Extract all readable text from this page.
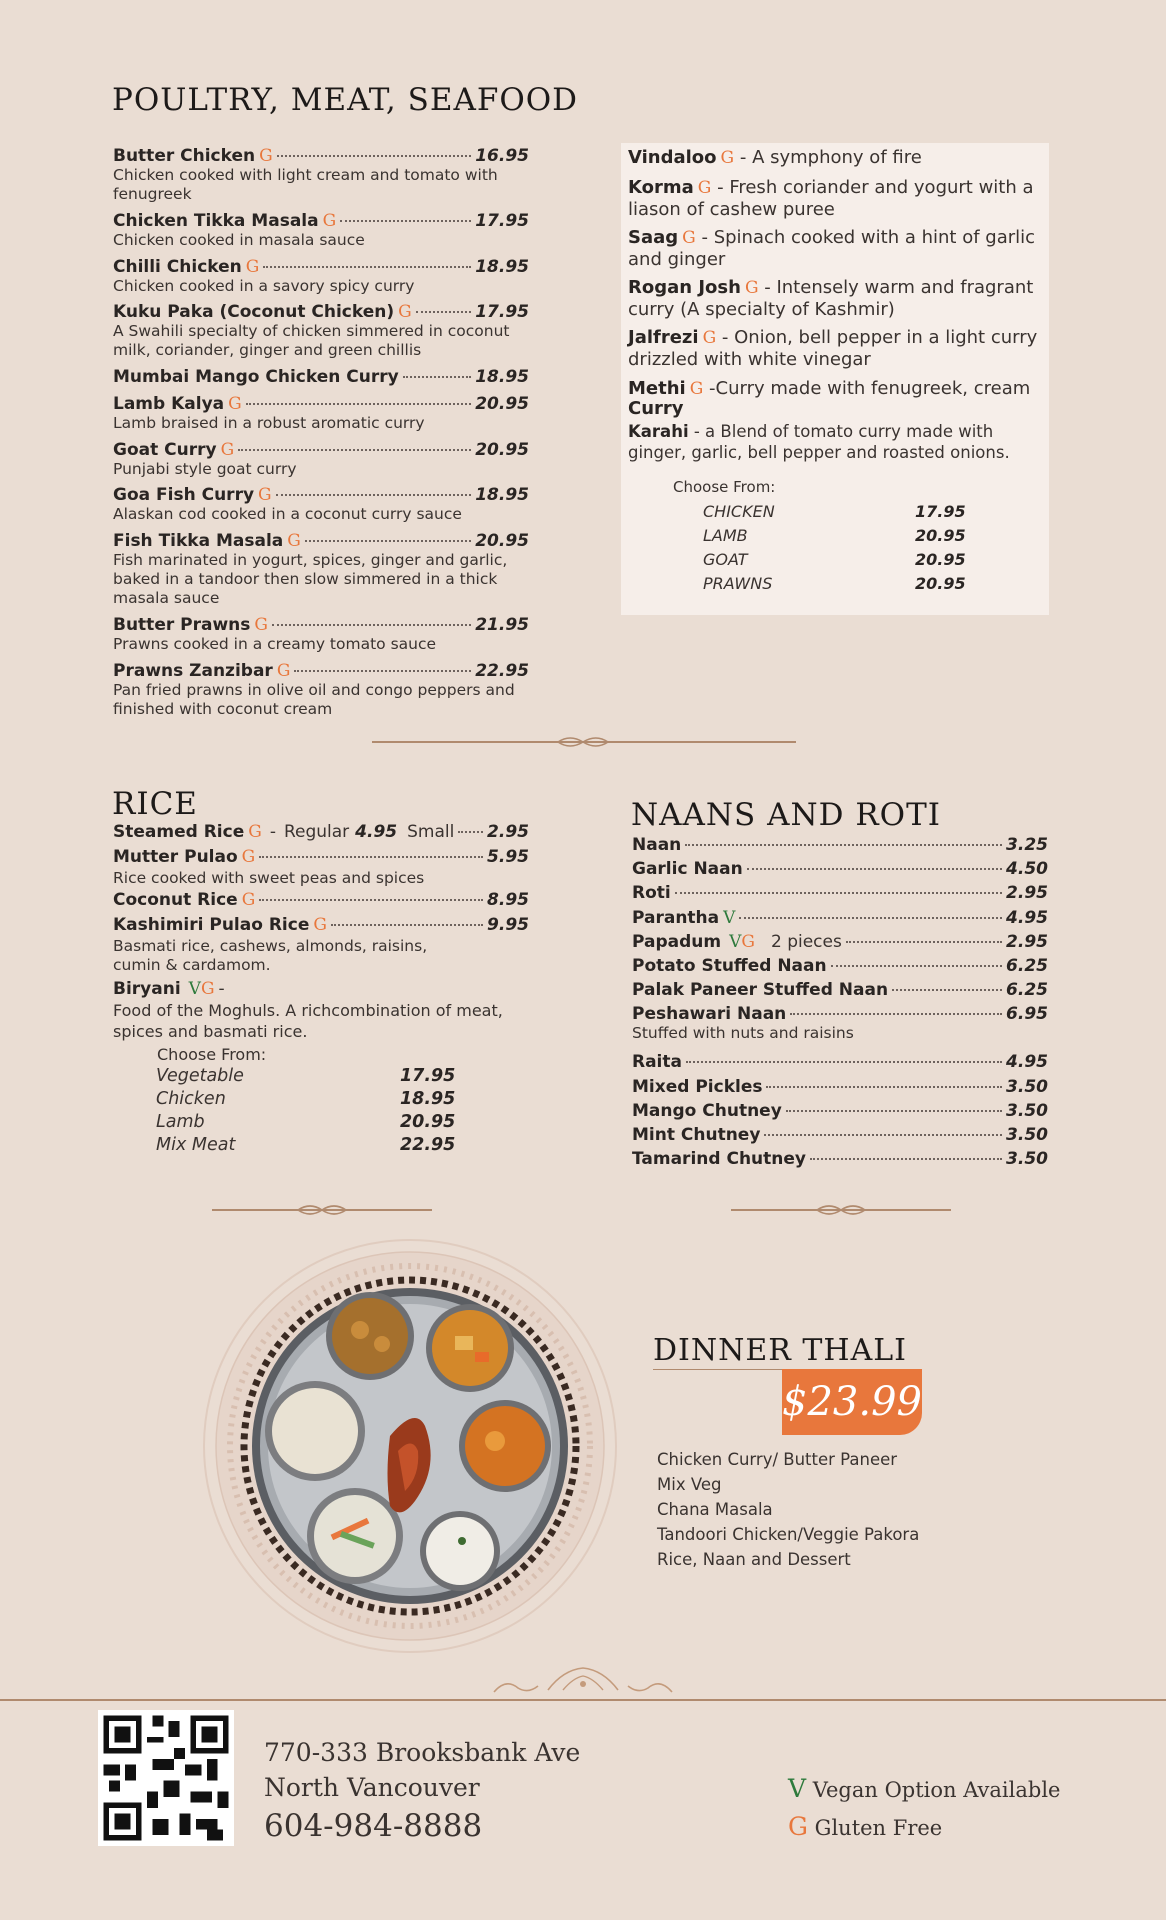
POULTRY, MEAT, SEAFOOD
Butter Chicken G	16.95
Chicken cooked with light cream and tomato with fenugreek
Chicken Tikka Masala G	17.95
Chicken cooked in masala sauce
Chilli Chicken G	18.95
Chicken cooked in a savory spicy curry
Kuku Paka (Coconut Chicken) G	17.95
A Swahili specialty of chicken simmered in coconut milk, coriander, ginger and green chillis
Mumbai Mango Chicken Curry	18.95
Lamb Kalya G	20.95
Lamb braised in a robust aromatic curry
Goat Curry G	20.95
Punjabi style goat curry
Goa Fish Curry G	18.95
Alaskan cod cooked in a coconut curry sauce
Fish Tikka Masala G	20.95
Fish marinated in yogurt, spices, ginger and garlic, baked in a tandoor then slow simmered in a thick masala sauce
Butter Prawns G	21.95
Prawns cooked in a creamy tomato sauce
Prawns Zanzibar G	22.95
Pan fried prawns in olive oil and congo peppers and finished with coconut cream
Vindaloo G - A symphony of fire
Korma G - Fresh coriander and yogurt with a liason of cashew puree
Saag G - Spinach cooked with a hint of garlic and ginger
Rogan Josh G - Intensely warm and fragrant curry (A specialty of Kashmir)
Jalfrezi G - Onion, bell pepper in a light curry drizzled with white vinegar
Methi G -Curry made with fenugreek, cream
Curry
Karahi - a Blend of tomato curry made with ginger, garlic, bell pepper and roasted onions.
Choose From:
CHICKEN	17.95
LAMB	20.95
GOAT	20.95
PRAWNS	20.95
RICE
Steamed Rice G - Regular 4.95 Small 2.95
Mutter Pulao G	5.95
Rice cooked with sweet peas and spices
Coconut Rice G	8.95
Kashimiri Pulao Rice G	9.95
Basmati rice, cashews, almonds, raisins, cumin & cardamom.
Biryani V G -
Food of the Moghuls. A richcombination of meat, spices and basmati rice.
Choose From:
Vegetable	17.95
Chicken	18.95
Lamb	20.95
Mix Meat	22.95
NAANS AND ROTI
Naan	3.25
Garlic Naan	4.50
Roti	2.95
Parantha V	4.95
Papadum VG 2 pieces	2.95
Potato Stuffed Naan	6.25
Palak Paneer Stuffed Naan	6.25
Peshawari Naan	6.95
Stuffed with nuts and raisins
Raita	4.95
Mixed Pickles	3.50
Mango Chutney	3.50
Mint Chutney	3.50
Tamarind Chutney	3.50
DINNER THALI
$23.99
Chicken Curry/ Butter Paneer
Mix Veg
Chana Masala
Tandoori Chicken/Veggie Pakora
Rice, Naan and Dessert
770-333 Brooksbank Ave
North Vancouver
604-984-8888
V Vegan Option Available
G Gluten Free
